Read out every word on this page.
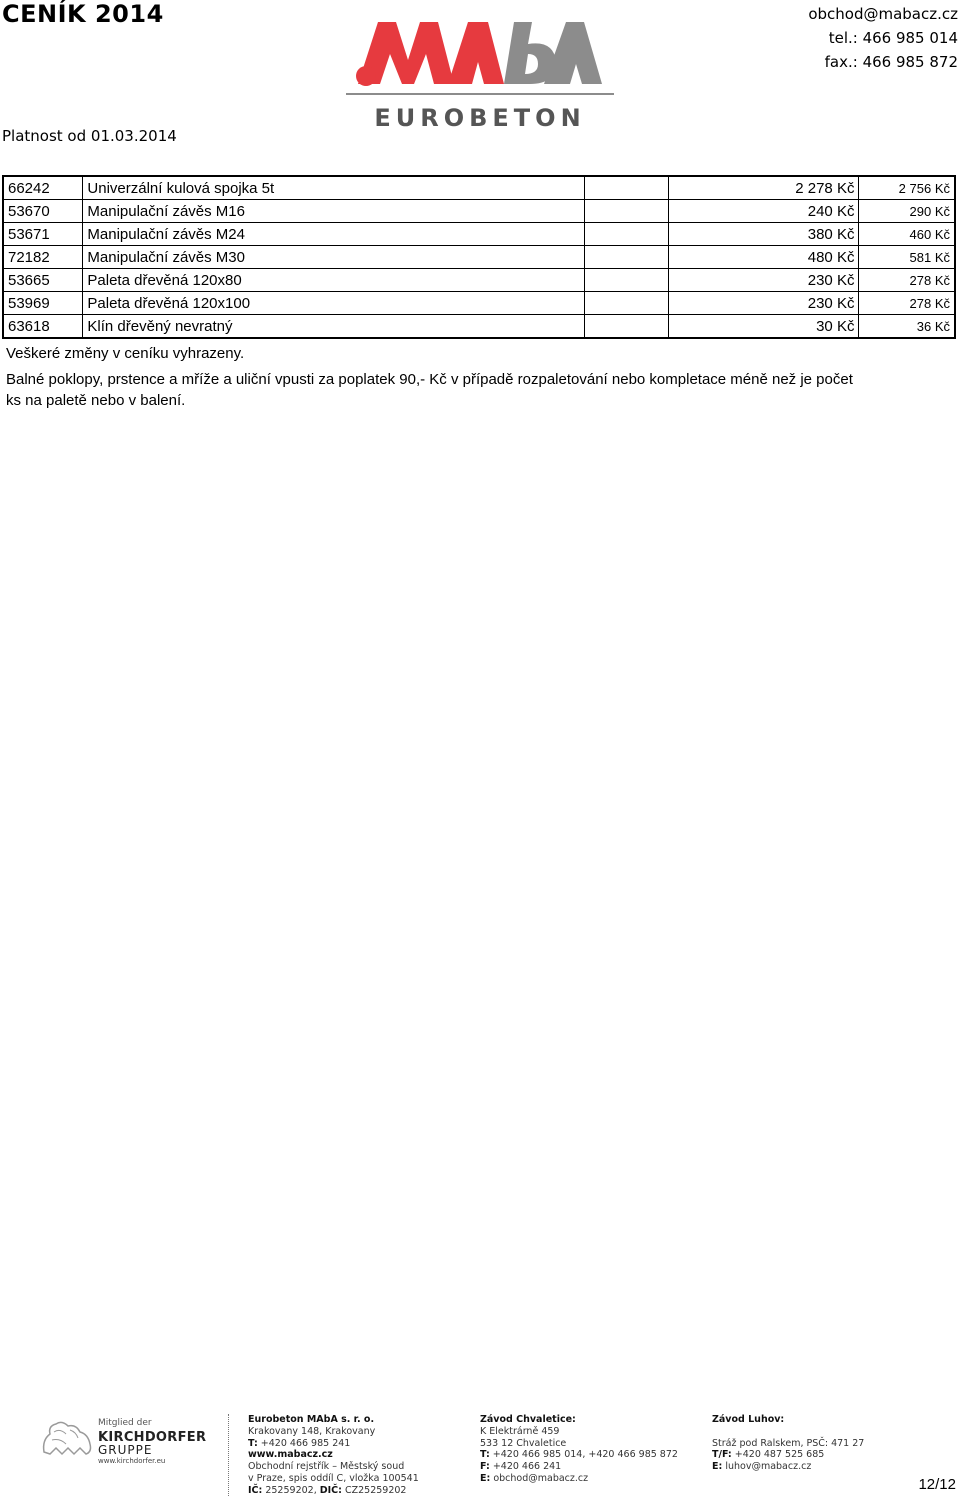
CENÍK 2014
Platnost od 01.03.2014
EUROBETON
obchod@mabacz.cz
tel.: 466 985 014
fax.: 466 985 872
66242	Univerzální kulová spojka 5t		2 278 Kč	2 756 Kč
53670	Manipulační závěs M16		240 Kč	290 Kč
53671	Manipulační závěs M24		380 Kč	460 Kč
72182	Manipulační závěs M30		480 Kč	581 Kč
53665	Paleta dřevěná 120x80		230 Kč	278 Kč
53969	Paleta dřevěná 120x100		230 Kč	278 Kč
63618	Klín dřevěný nevratný		30 Kč	36 Kč
Veškeré změny v ceníku vyhrazeny.
Balné poklopy, prstence a mříže a uliční vpusti za poplatek 90,- Kč v případě rozpaletování nebo kompletace méně než je počet ks na paletě nebo v balení.
Mitglied der
KIRCHDORFER
GRUPPE
www.kirchdorfer.eu
Eurobeton MAbA s. r. o.
Krakovany 148, Krakovany
T: +420 466 985 241
www.mabacz.cz
Obchodní rejstřík – Městský soud
v Praze, spis oddíl C, vložka 100541
IČ: 25259202, DIČ: CZ25259202
Závod Chvaletice:
K Elektrárně 459
533 12 Chvaletice
T: +420 466 985 014, +420 466 985 872
F: +420 466 241
E: obchod@mabacz.cz
Závod Luhov:
Stráž pod Ralskem, PSČ: 471 27
T/F: +420 487 525 685
E: luhov@mabacz.cz
12/12
